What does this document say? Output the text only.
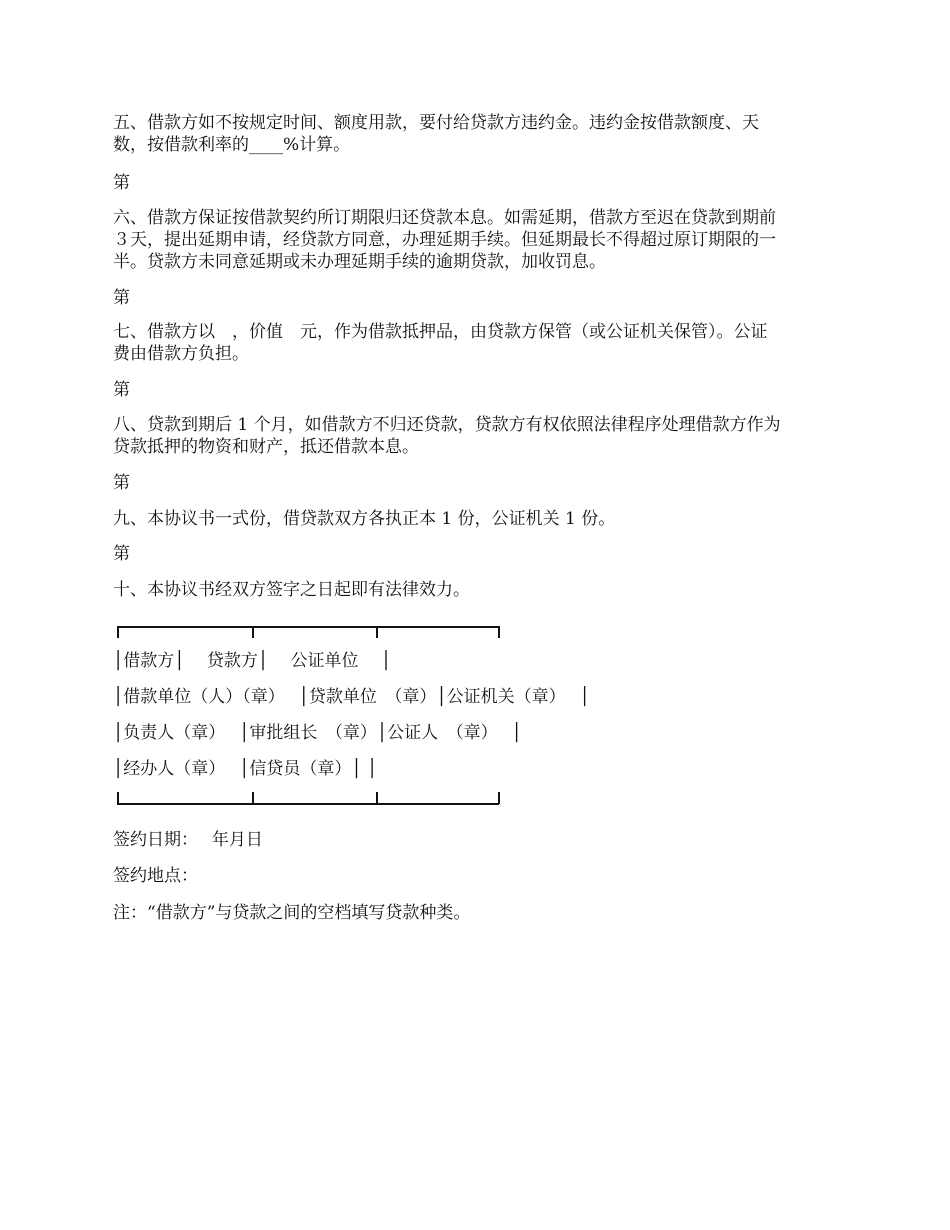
五、借款方如不按规定时间、额度用款，要付给贷款方违约金。违约金按借款额度、天
数，按借款利率的____%计算。
第
六、借款方保证按借款契约所订期限归还贷款本息。如需延期，借款方至迟在贷款到期前
３天，提出延期申请，经贷款方同意，办理延期手续。但延期最长不得超过原订期限的一
半。贷款方未同意延期或未办理延期手续的逾期贷款，加收罚息。
第
七、借款方以　，价值　元，作为借款抵押品，由贷款方保管（或公证机关保管）。公证
费由借款方负担。
第
八、贷款到期后 1 个月，如借款方不归还贷款，贷款方有权依照法律程序处理借款方作为
贷款抵押的物资和财产，抵还借款本息。
第
九、本协议书一式份，借贷款双方各执正本 1 份，公证机关 1 份。
第
十、本协议书经双方签字之日起即有法律效力。
│借款方│　 贷款方│　 公证单位　 │
│借款单位（人）（章）　 │贷款单位　（章）│公证机关（章）　 │
│负责人（章）　 │审批组长　（章）│公证人　（章）　 │
│经办人（章）　 │信贷员（章）│ │
签约日期：　 年月日
签约地点：
注：“借款方”与贷款之间的空档填写贷款种类。
